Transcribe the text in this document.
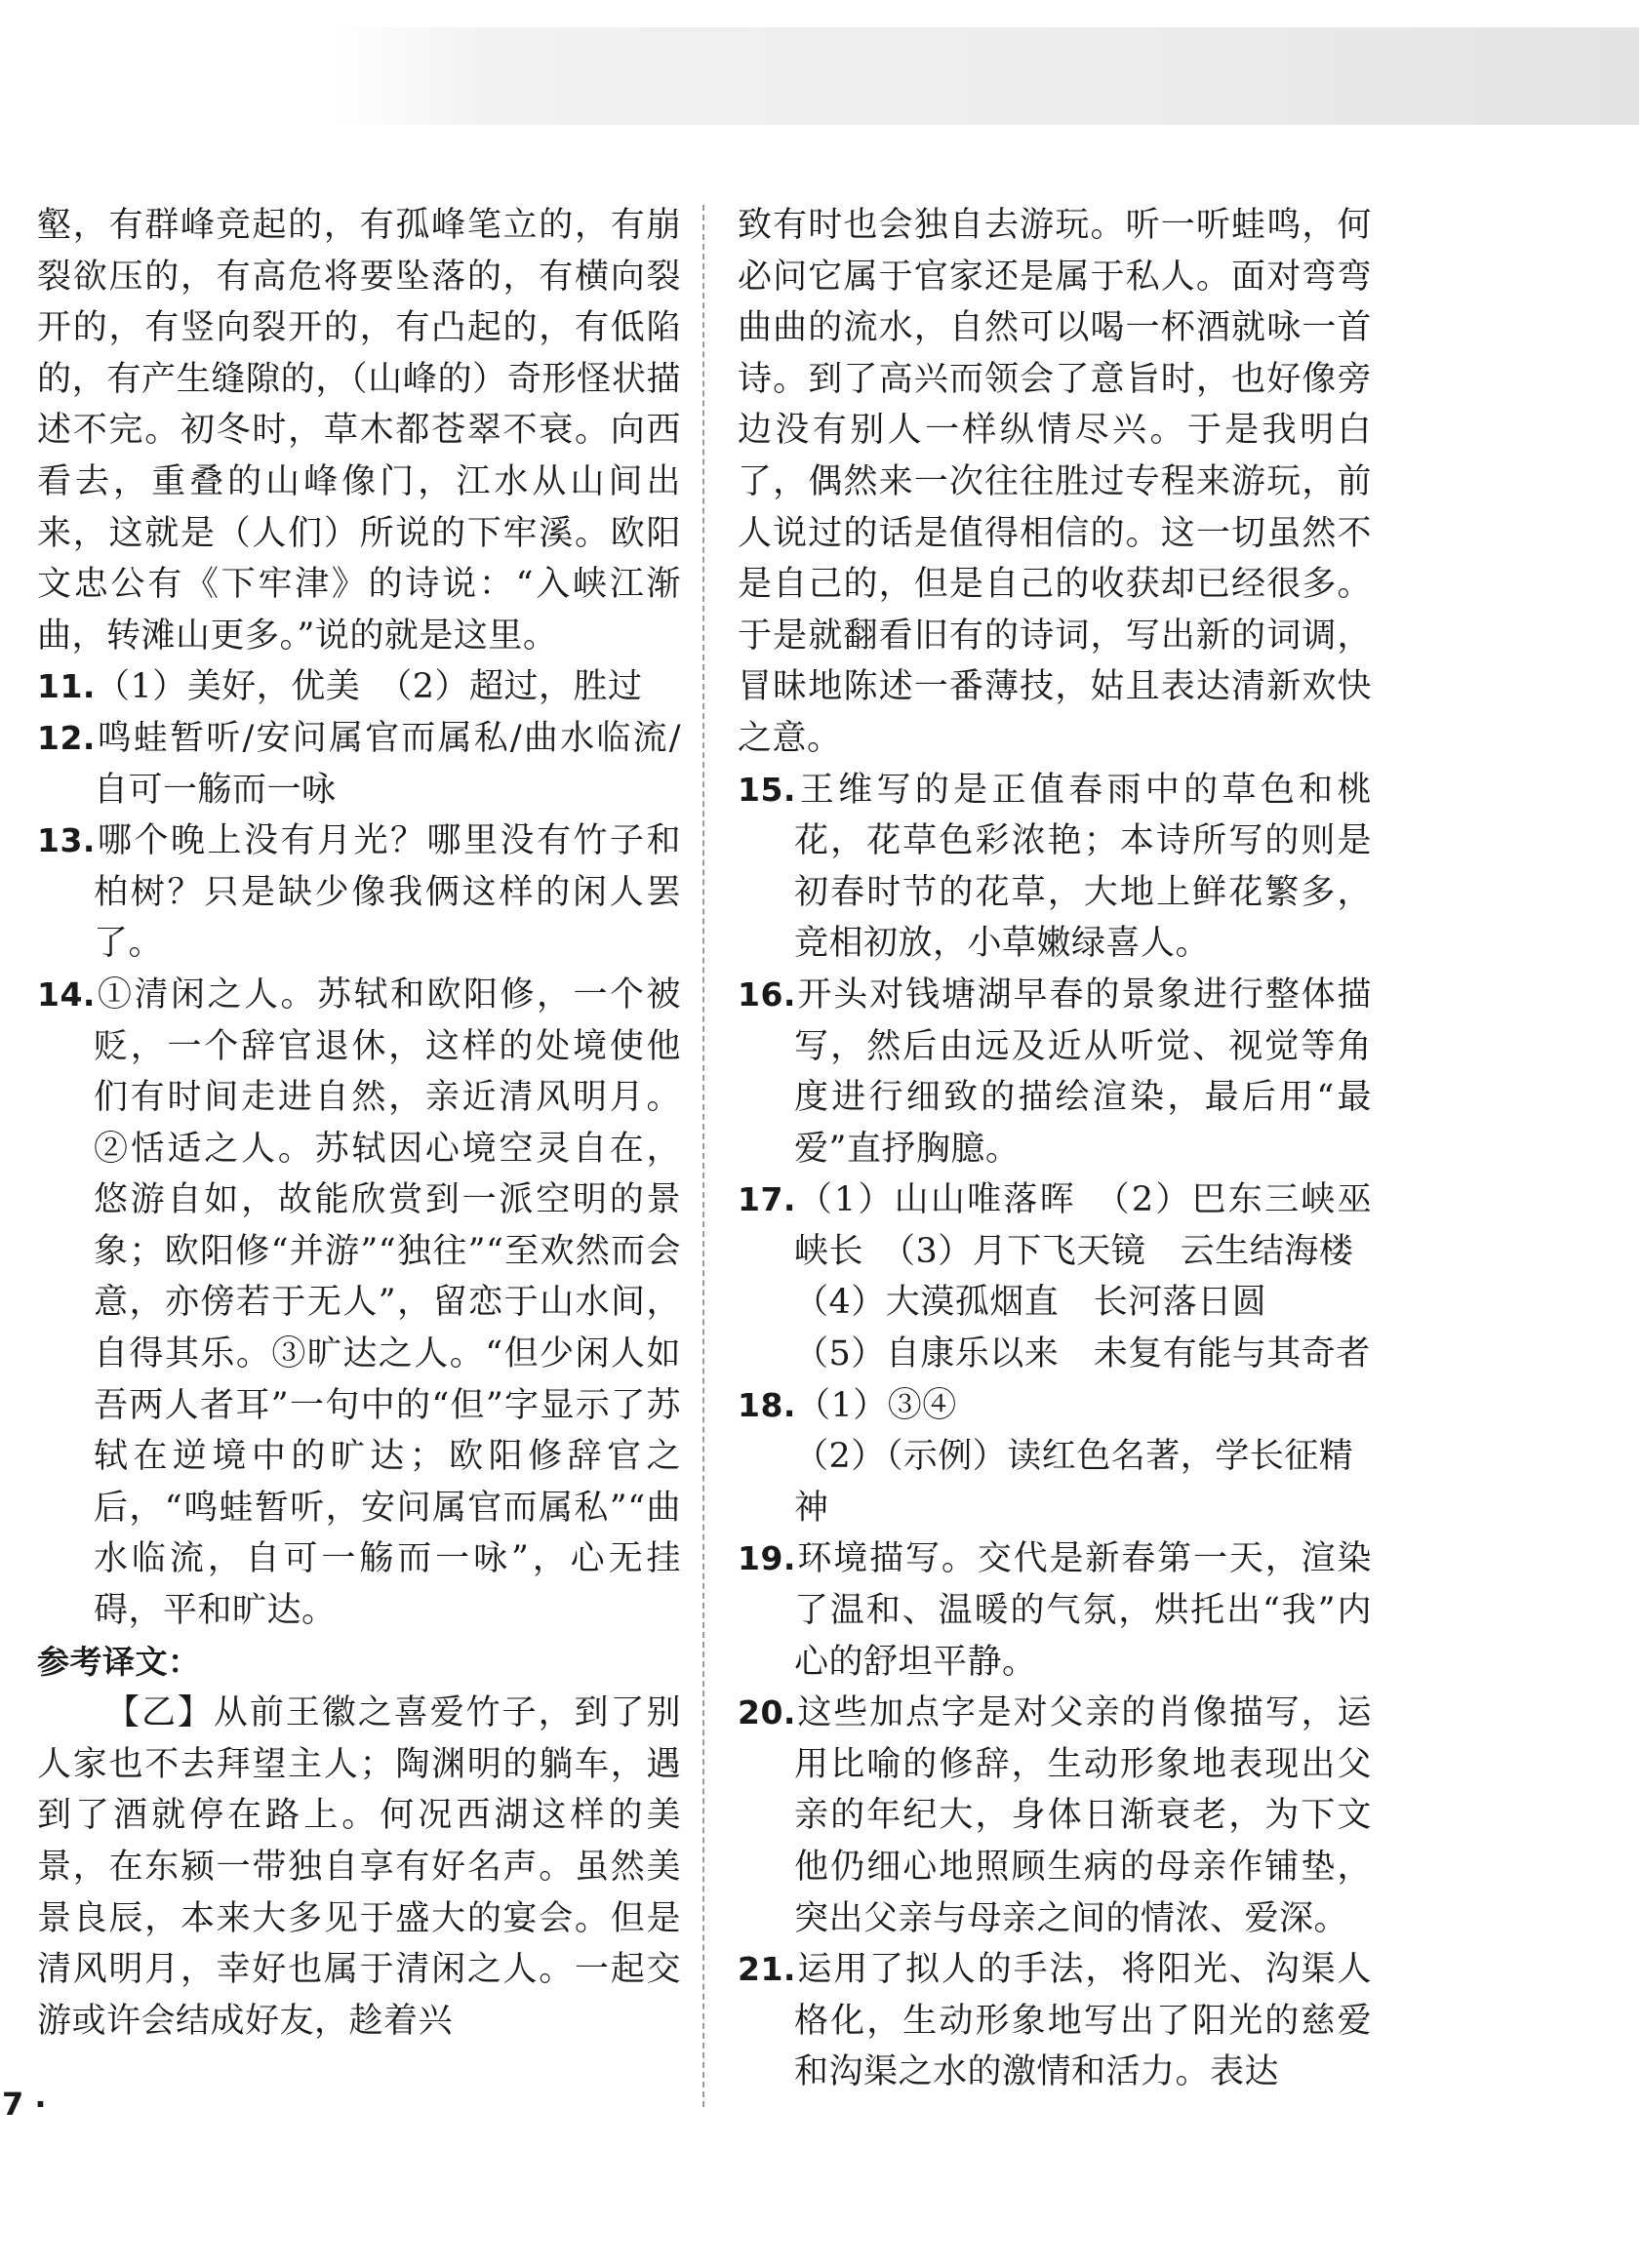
壑，有群峰竞起的，有孤峰笔立的，有崩裂欲压的，有高危将要坠落的，有横向裂开的，有竖向裂开的，有凸起的，有低陷的，有产生缝隙的，（山峰的）奇形怪状描述不完。初冬时，草木都苍翠不衰。向西看去，重叠的山峰像门，江水从山间出来，这就是（人们）所说的下牢溪。欧阳文忠公有《下牢津》的诗说：“入峡江渐曲，转滩山更多。”说的就是这里。

11.（1）美好，优美　（2）超过，胜过

12.鸣蛙暂听/安问属官而属私/曲水临流/自可一觞而一咏

13.哪个晚上没有月光？哪里没有竹子和柏树？只是缺少像我俩这样的闲人罢了。

14.①清闲之人。苏轼和欧阳修，一个被贬，一个辞官退休，这样的处境使他们有时间走进自然，亲近清风明月。②恬适之人。苏轼因心境空灵自在，悠游自如，故能欣赏到一派空明的景象；欧阳修“并游”“独往”“至欢然而会意，亦傍若于无人”，留恋于山水间，自得其乐。③旷达之人。“但少闲人如吾两人者耳”一句中的“但”字显示了苏轼在逆境中的旷达；欧阳修辞官之后，“鸣蛙暂听，安问属官而属私”“曲水临流，自可一觞而一咏”，心无挂碍，平和旷达。

参考译文：

【乙】从前王徽之喜爱竹子，到了别人家也不去拜望主人；陶渊明的躺车，遇到了酒就停在路上。何况西湖这样的美景，在东颍一带独自享有好名声。虽然美景良辰，本来大多见于盛大的宴会。但是清风明月，幸好也属于清闲之人。一起交游或许会结成好友，趁着兴

致有时也会独自去游玩。听一听蛙鸣，何必问它属于官家还是属于私人。面对弯弯曲曲的流水，自然可以喝一杯酒就咏一首诗。到了高兴而领会了意旨时，也好像旁边没有别人一样纵情尽兴。于是我明白了，偶然来一次往往胜过专程来游玩，前人说过的话是值得相信的。这一切虽然不是自己的，但是自己的收获却已经很多。于是就翻看旧有的诗词，写出新的词调，冒昧地陈述一番薄技，姑且表达清新欢快之意。

15.王维写的是正值春雨中的草色和桃花，花草色彩浓艳；本诗所写的则是初春时节的花草，大地上鲜花繁多，竞相初放，小草嫩绿喜人。

16.开头对钱塘湖早春的景象进行整体描写，然后由远及近从听觉、视觉等角度进行细致的描绘渲染，最后用“最爱”直抒胸臆。

17.（1）山山唯落晖　（2）巴东三峡巫峡长　（3）月下飞天镜　云生结海楼

（4）大漠孤烟直　长河落日圆

（5）自康乐以来　未复有能与其奇者

18.（1）③④

（2）（示例）读红色名著，学长征精神

19.环境描写。交代是新春第一天，渲染了温和、温暖的气氛，烘托出“我”内心的舒坦平静。

20.这些加点字是对父亲的肖像描写，运用比喻的修辞，生动形象地表现出父亲的年纪大，身体日渐衰老，为下文他仍细心地照顾生病的母亲作铺垫，突出父亲与母亲之间的情浓、爱深。

21.运用了拟人的手法，将阳光、沟渠人格化，生动形象地写出了阳光的慈爱和沟渠之水的激情和活力。表达

7 ·
